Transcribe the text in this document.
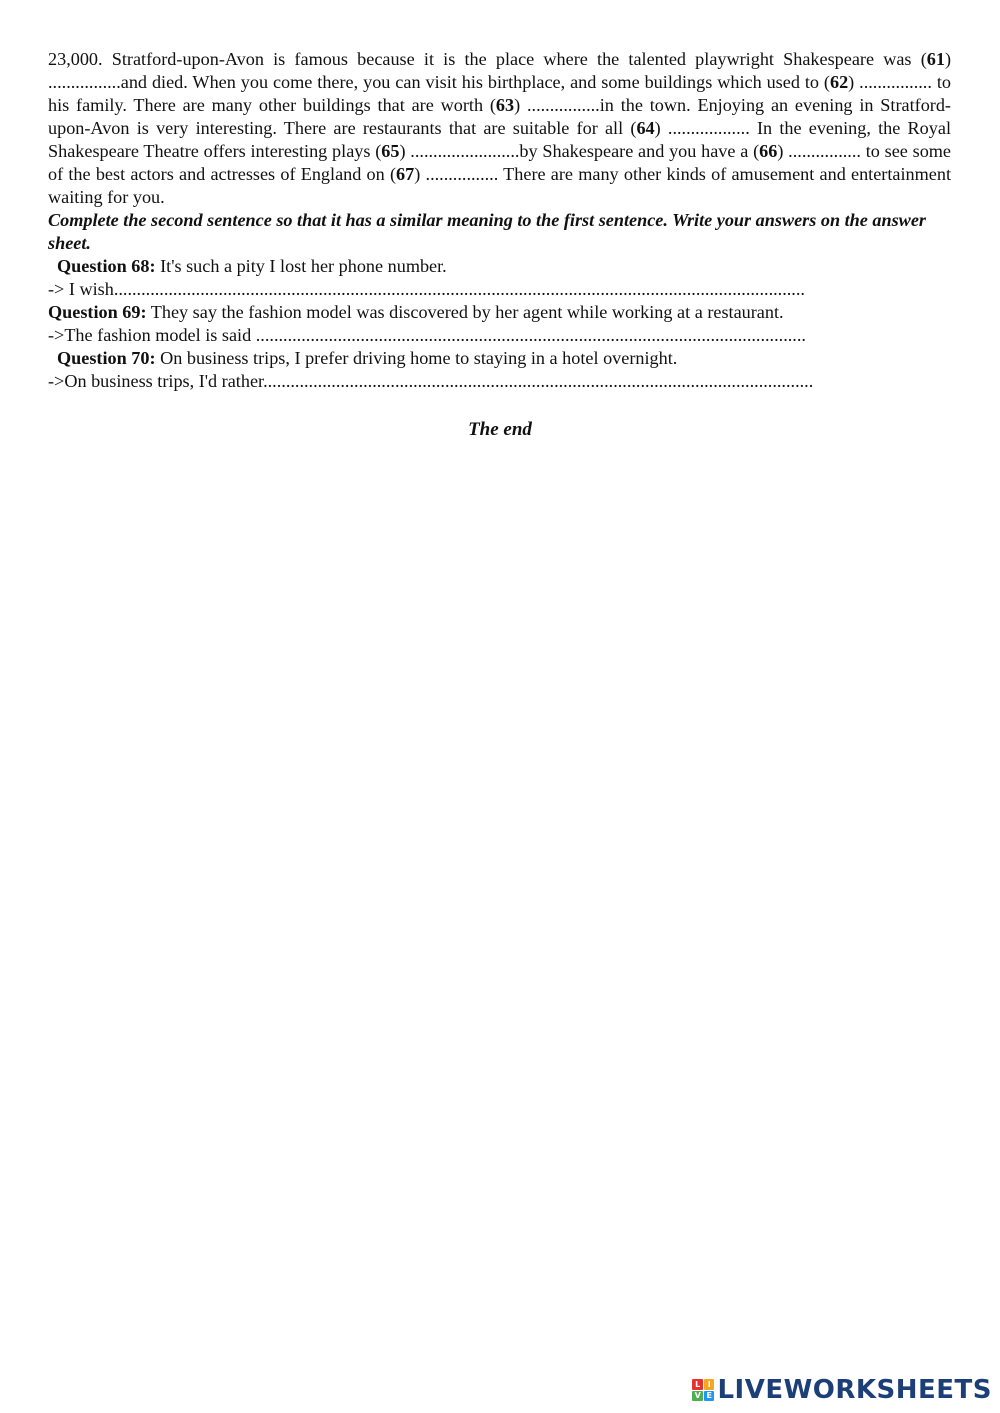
23,000. Stratford-upon-Avon is famous because it is the place where the talented playwright Shakespeare was (61) ................and died. When you come there, you can visit his birthplace, and some buildings which used to (62) ................ to his family. There are many other buildings that are worth (63) ................in the town. Enjoying an evening in Stratford-upon-Avon is very interesting. There are restaurants that are suitable for all (64) .................. In the evening, the Royal Shakespeare Theatre offers interesting plays (65) ........................by Shakespeare and you have a (66) ................ to see some of the best actors and actresses of England on (67) ................ There are many other kinds of amusement and entertainment waiting for you.

Complete the second sentence so that it has a similar meaning to the first sentence. Write your answers on the answer sheet.

Question 68: It's such a pity I lost her phone number.

-> I wish........................................................................................................................................................

Question 69: They say the fashion model was discovered by her agent while working at a restaurant.

->The fashion model is said .........................................................................................................................

Question 70: On business trips, I prefer driving home to staying in a hotel overnight.

->On business trips, I'd rather.........................................................................................................................

The end
L I
V E LIVEWORKSHEETS
